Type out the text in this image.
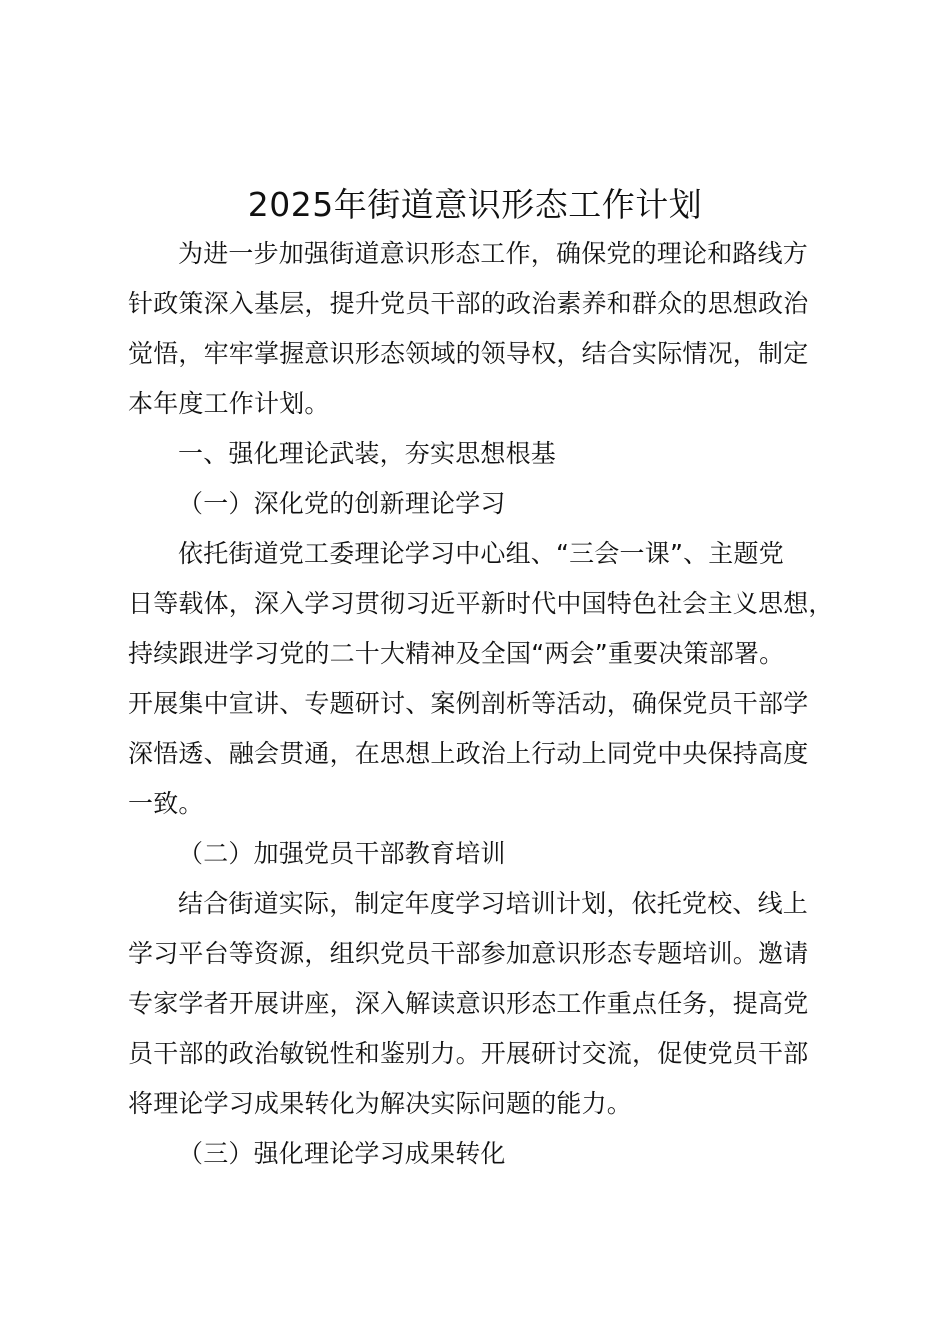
2025年街道意识形态工作计划
为进一步加强街道意识形态工作，确保党的理论和路线方
针政策深入基层，提升党员干部的政治素养和群众的思想政治
觉悟，牢牢掌握意识形态领域的领导权，结合实际情况，制定
本年度工作计划。
一、强化理论武装，夯实思想根基
（一）深化党的创新理论学习
依托街道党工委理论学习中心组、“三会一课”、主题党
日等载体，深入学习贯彻习近平新时代中国特色社会主义思想，
持续跟进学习党的二十大精神及全国“两会”重要决策部署。
开展集中宣讲、专题研讨、案例剖析等活动，确保党员干部学
深悟透、融会贯通，在思想上政治上行动上同党中央保持高度
一致。
（二）加强党员干部教育培训
结合街道实际，制定年度学习培训计划，依托党校、线上
学习平台等资源，组织党员干部参加意识形态专题培训。邀请
专家学者开展讲座，深入解读意识形态工作重点任务，提高党
员干部的政治敏锐性和鉴别力。开展研讨交流，促使党员干部
将理论学习成果转化为解决实际问题的能力。
（三）强化理论学习成果转化
